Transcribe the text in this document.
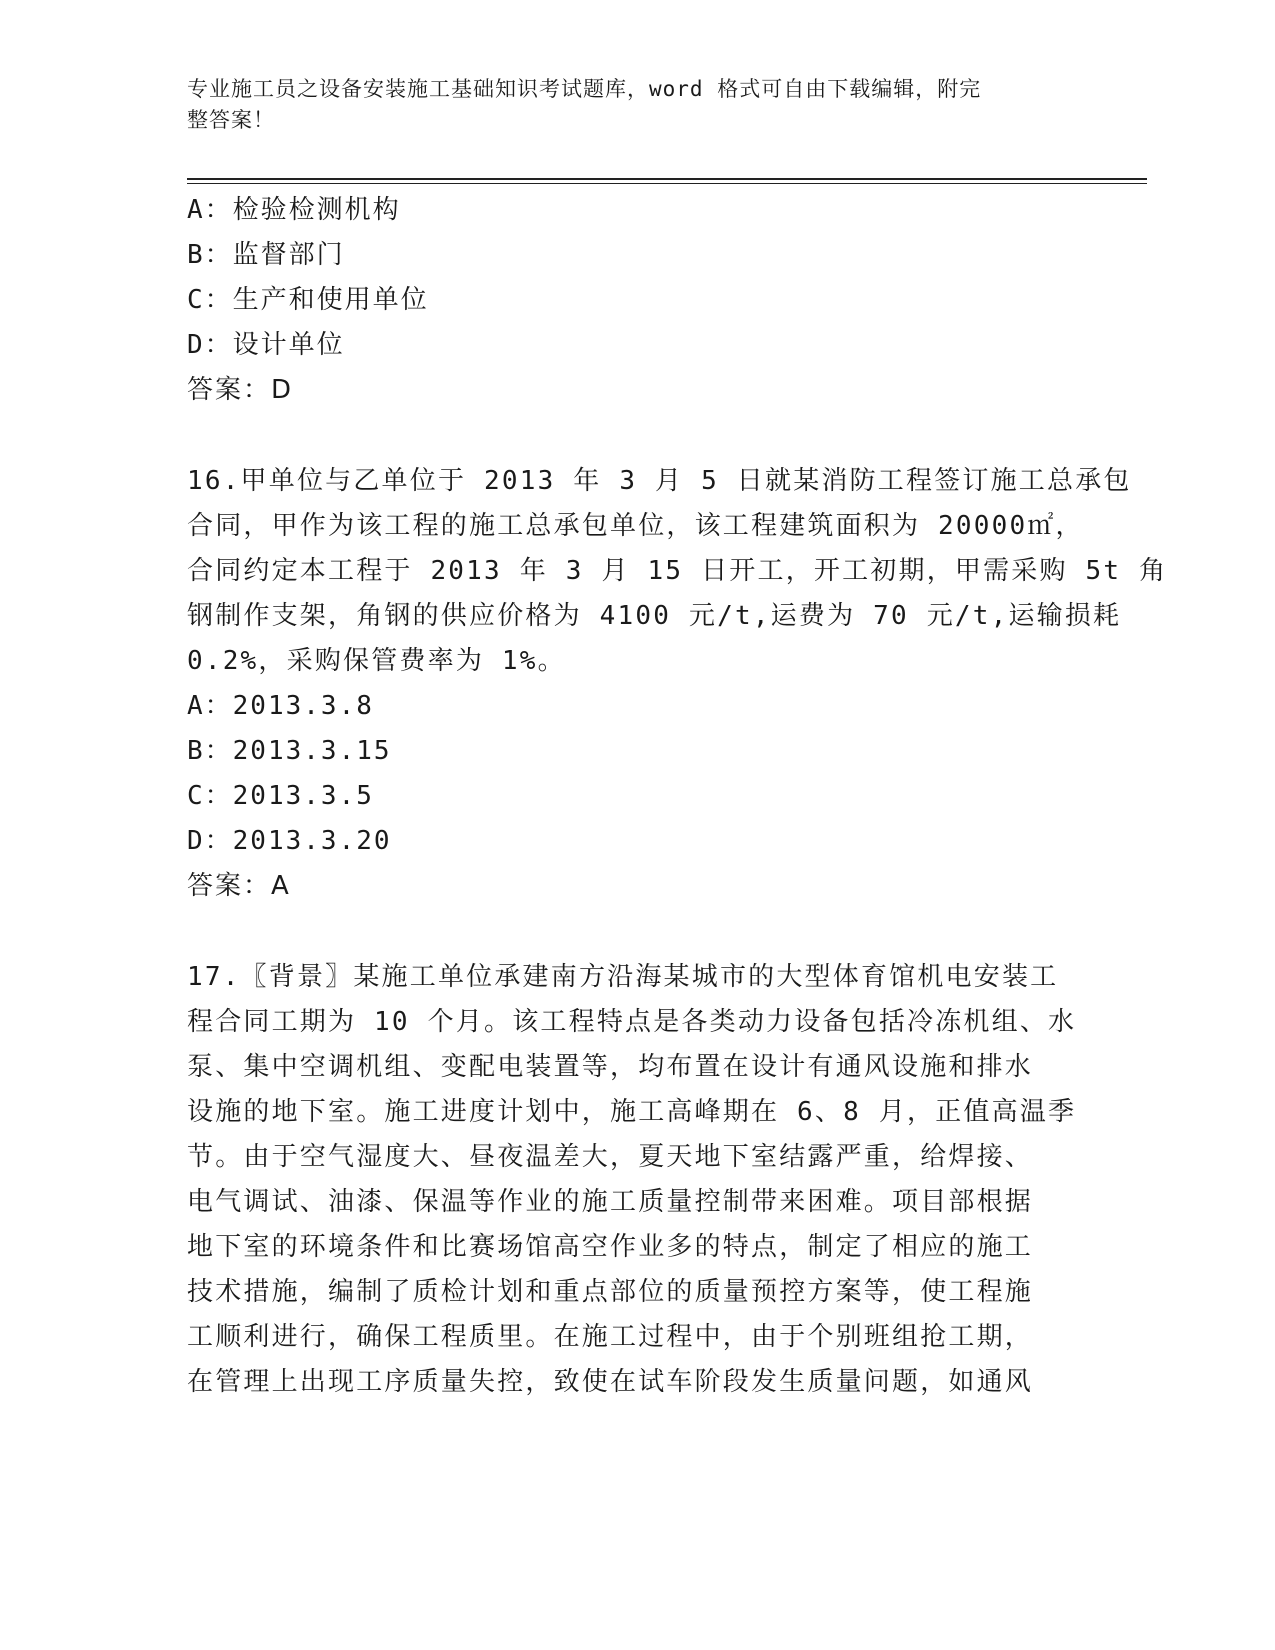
专业施工员之设备安装施工基础知识考试题库，word 格式可自由下载编辑，附完
整答案！
A：检验检测机构
B：监督部门
C：生产和使用单位
D：设计单位
答案：D
16.甲单位与乙单位于 2013 年 3 月 5 日就某消防工程签订施工总承包
合同，甲作为该工程的施工总承包单位，该工程建筑面积为 20000㎡，
合同约定本工程于 2013 年 3 月 15 日开工，开工初期，甲需采购 5t 角
钢制作支架，角钢的供应价格为 4100 元/t,运费为 70 元/t,运输损耗
0.2%，采购保管费率为 1%。
A：2013.3.8
B：2013.3.15
C：2013.3.5
D：2013.3.20
答案：A
17.〖背景〗某施工单位承建南方沿海某城市的大型体育馆机电安装工
程合同工期为 10 个月。该工程特点是各类动力设备包括冷冻机组、水
泵、集中空调机组、变配电装置等，均布置在设计有通风设施和排水
设施的地下室。施工进度计划中，施工高峰期在 6、8 月，正值高温季
节。由于空气湿度大、昼夜温差大，夏天地下室结露严重，给焊接、
电气调试、油漆、保温等作业的施工质量控制带来困难。项目部根据
地下室的环境条件和比赛场馆高空作业多的特点，制定了相应的施工
技术措施，编制了质检计划和重点部位的质量预控方案等，使工程施
工顺利进行，确保工程质里。在施工过程中，由于个别班组抢工期，
在管理上出现工序质量失控，致使在试车阶段发生质量问题，如通风
